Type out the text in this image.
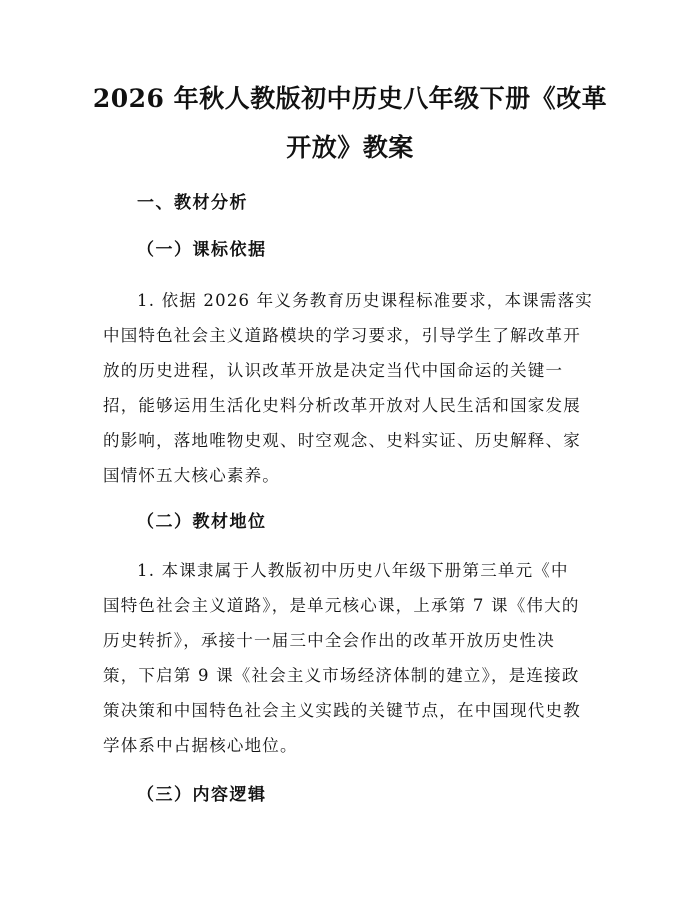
2026 年秋人教版初中历史八年级下册《改革
开放》教案
一、教材分析
（一）课标依据

1. 依据 2026 年义务教育历史课程标准要求，本课需落实
中国特色社会主义道路模块的学习要求，引导学生了解改革开
放的历史进程，认识改革开放是决定当代中国命运的关键一
招，能够运用生活化史料分析改革开放对人民生活和国家发展
的影响，落地唯物史观、时空观念、史料实证、历史解释、家
国情怀五大核心素养。

（二）教材地位

1. 本课隶属于人教版初中历史八年级下册第三单元《中
国特色社会主义道路》，是单元核心课，上承第 7 课《伟大的
历史转折》，承接十一届三中全会作出的改革开放历史性决
策，下启第 9 课《社会主义市场经济体制的建立》，是连接政
策决策和中国特色社会主义实践的关键节点，在中国现代史教
学体系中占据核心地位。

（三）内容逻辑
